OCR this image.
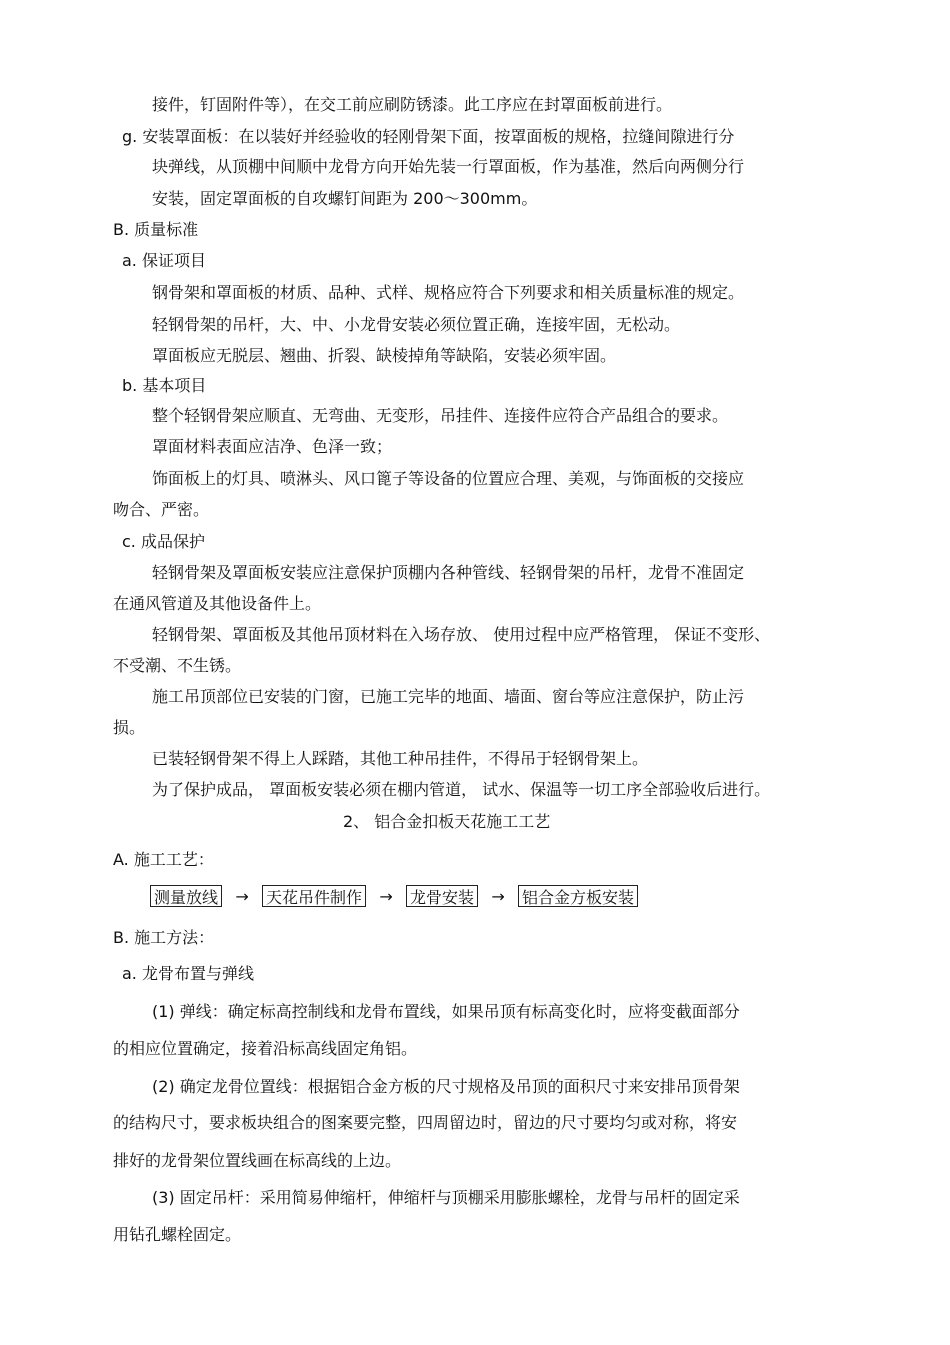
接件，钉固附件等），在交工前应刷防锈漆。此工序应在封罩面板前进行。
g. 安装罩面板：在以装好并经验收的轻刚骨架下面，按罩面板的规格，拉缝间隙进行分
块弹线，从顶棚中间顺中龙骨方向开始先装一行罩面板，作为基准，然后向两侧分行
安装，固定罩面板的自攻螺钉间距为 200～300mm。
B. 质量标准
a. 保证项目
钢骨架和罩面板的材质、品种、式样、规格应符合下列要求和相关质量标准的规定。
轻钢骨架的吊杆，大、中、小龙骨安装必须位置正确，连接牢固，无松动。
罩面板应无脱层、翘曲、折裂、缺棱掉角等缺陷，安装必须牢固。
b. 基本项目
整个轻钢骨架应顺直、无弯曲、无变形，吊挂件、连接件应符合产品组合的要求。
罩面材料表面应洁净、色泽一致；
饰面板上的灯具、喷淋头、风口篦子等设备的位置应合理、美观，与饰面板的交接应
吻合、严密。
c. 成品保护
轻钢骨架及罩面板安装应注意保护顶棚内各种管线、轻钢骨架的吊杆，龙骨不准固定
在通风管道及其他设备件上。
轻钢骨架、罩面板及其他吊顶材料在入场存放、 使用过程中应严格管理， 保证不变形、
不受潮、不生锈。
施工吊顶部位已安装的门窗，已施工完毕的地面、墙面、窗台等应注意保护，防止污
损。
已装轻钢骨架不得上人踩踏，其他工种吊挂件，不得吊于轻钢骨架上。
为了保护成品， 罩面板安装必须在棚内管道， 试水、保温等一切工序全部验收后进行。
2、 铝合金扣板天花施工工艺
A. 施工工艺：
测量放线	→	天花吊件制作	→	龙骨安装	→	铝合金方板安装
B. 施工方法：
a. 龙骨布置与弹线
(1) 弹线：确定标高控制线和龙骨布置线，如果吊顶有标高变化时，应将变截面部分
的相应位置确定，接着沿标高线固定角铝。
(2) 确定龙骨位置线：根据铝合金方板的尺寸规格及吊顶的面积尺寸来安排吊顶骨架
的结构尺寸，要求板块组合的图案要完整，四周留边时，留边的尺寸要均匀或对称，将安
排好的龙骨架位置线画在标高线的上边。
(3) 固定吊杆：采用简易伸缩杆，伸缩杆与顶棚采用膨胀螺栓，龙骨与吊杆的固定采
用钻孔螺栓固定。
